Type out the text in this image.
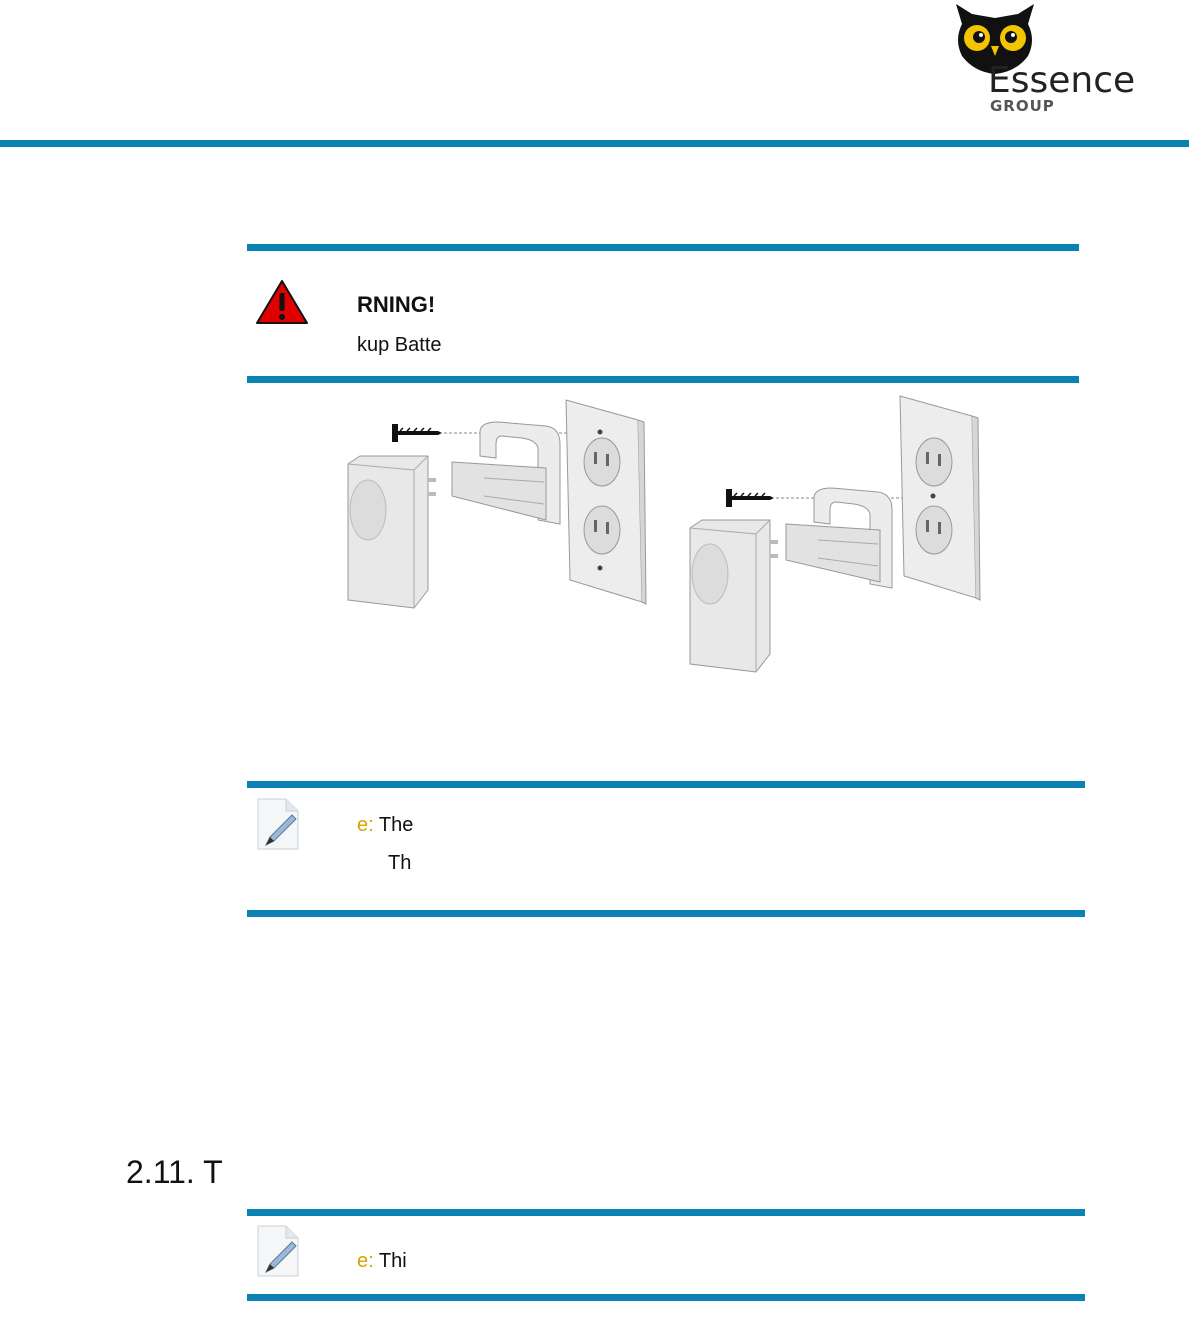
Essence
GROUP
RNING!
kup Batte
e: The
Th
2.11. T
e: Thi
